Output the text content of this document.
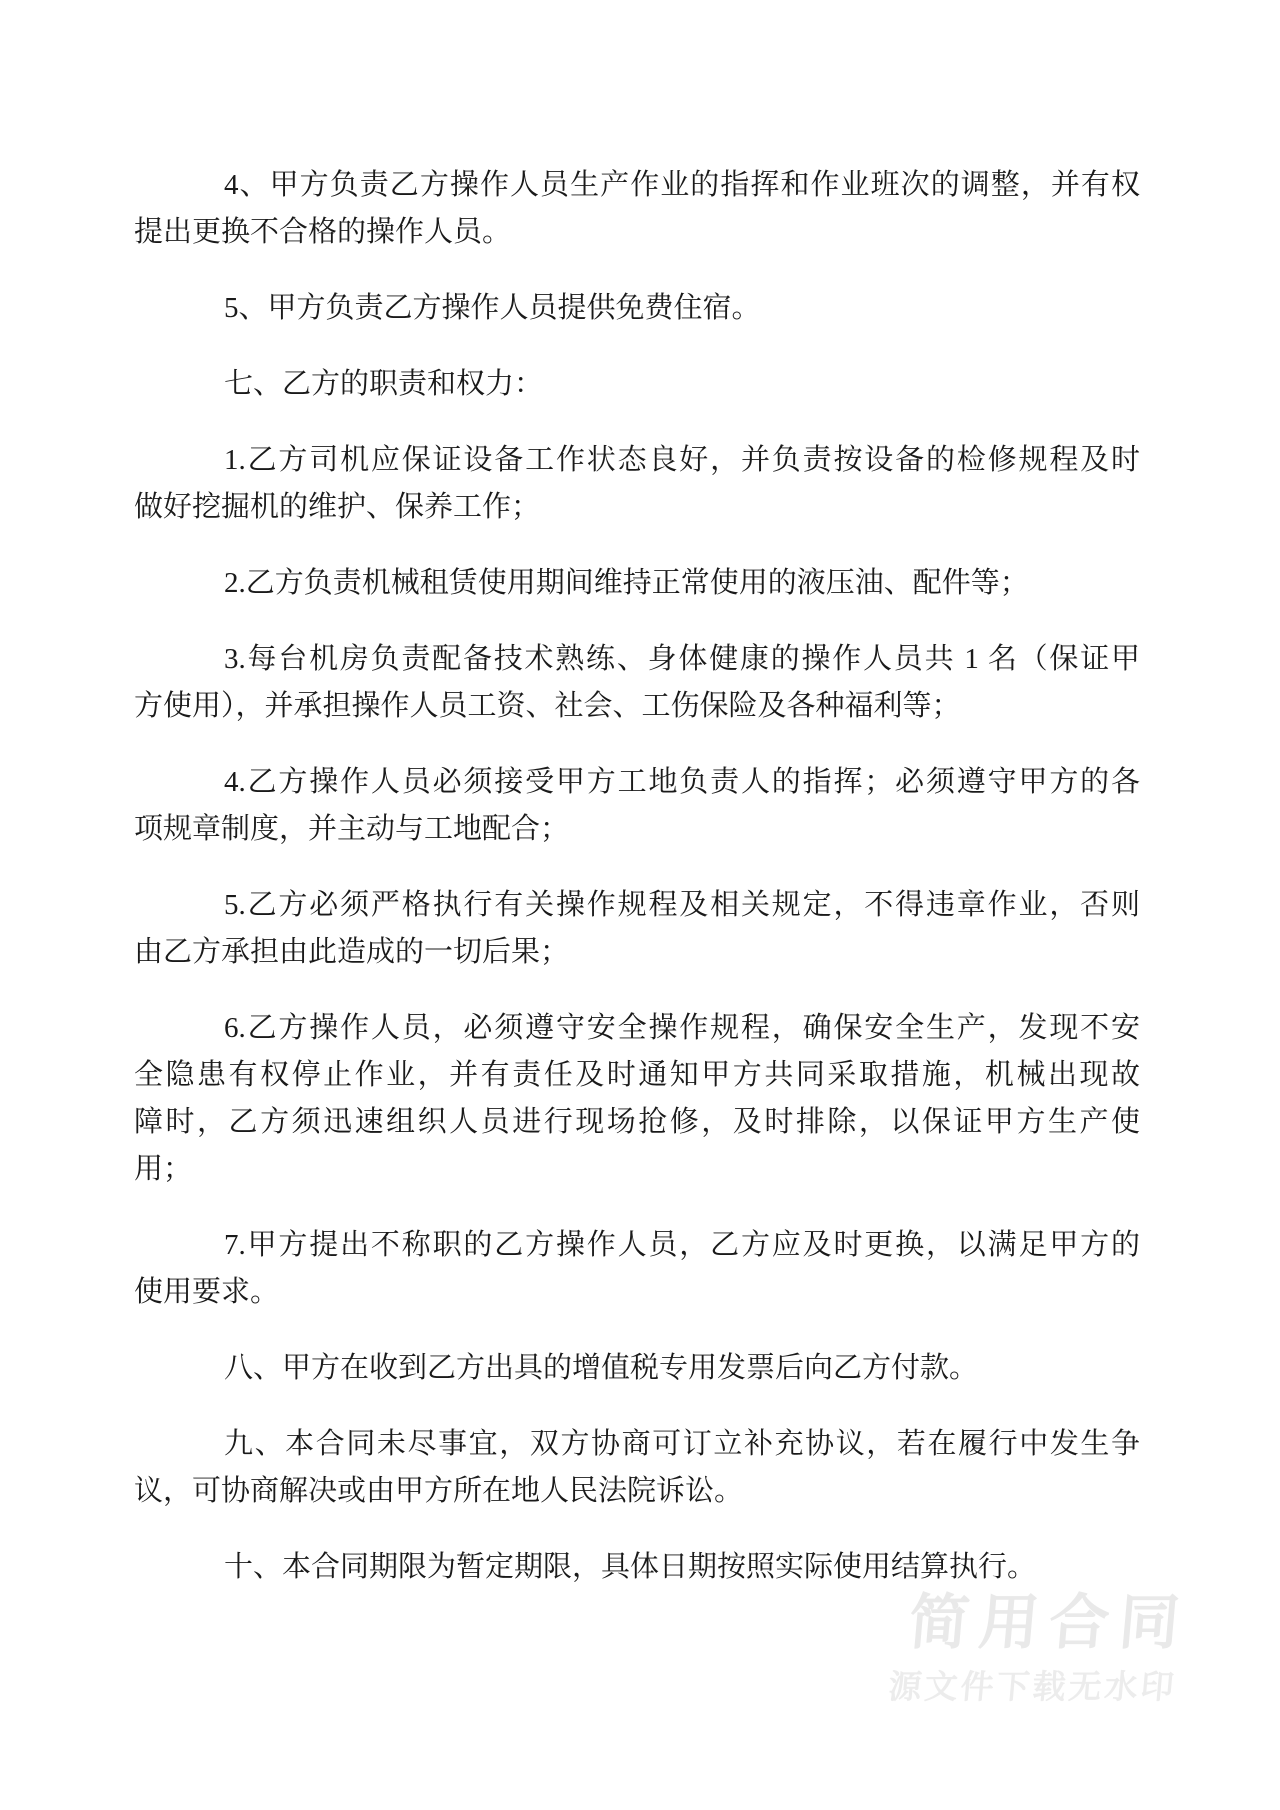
4、甲方负责乙方操作人员生产作业的指挥和作业班次的调整，并有权
提出更换不合格的操作人员。
5、甲方负责乙方操作人员提供免费住宿。
七、乙方的职责和权力：
1.乙方司机应保证设备工作状态良好，并负责按设备的检修规程及时
做好挖掘机的维护、保养工作；
2.乙方负责机械租赁使用期间维持正常使用的液压油、配件等；
3.每台机房负责配备技术熟练、身体健康的操作人员共 1 名（保证甲
方使用），并承担操作人员工资、社会、工伤保险及各种福利等；
4.乙方操作人员必须接受甲方工地负责人的指挥；必须遵守甲方的各
项规章制度，并主动与工地配合；
5.乙方必须严格执行有关操作规程及相关规定，不得违章作业，否则
由乙方承担由此造成的一切后果；
6.乙方操作人员，必须遵守安全操作规程，确保安全生产，发现不安
全隐患有权停止作业，并有责任及时通知甲方共同采取措施，机械出现故
障时，乙方须迅速组织人员进行现场抢修，及时排除，以保证甲方生产使
用；
7.甲方提出不称职的乙方操作人员，乙方应及时更换，以满足甲方的
使用要求。
八、甲方在收到乙方出具的增值税专用发票后向乙方付款。
九、本合同未尽事宜，双方协商可订立补充协议，若在履行中发生争
议，可协商解决或由甲方所在地人民法院诉讼。
十、本合同期限为暂定期限，具体日期按照实际使用结算执行。
简用合同
源文件下载无水印
